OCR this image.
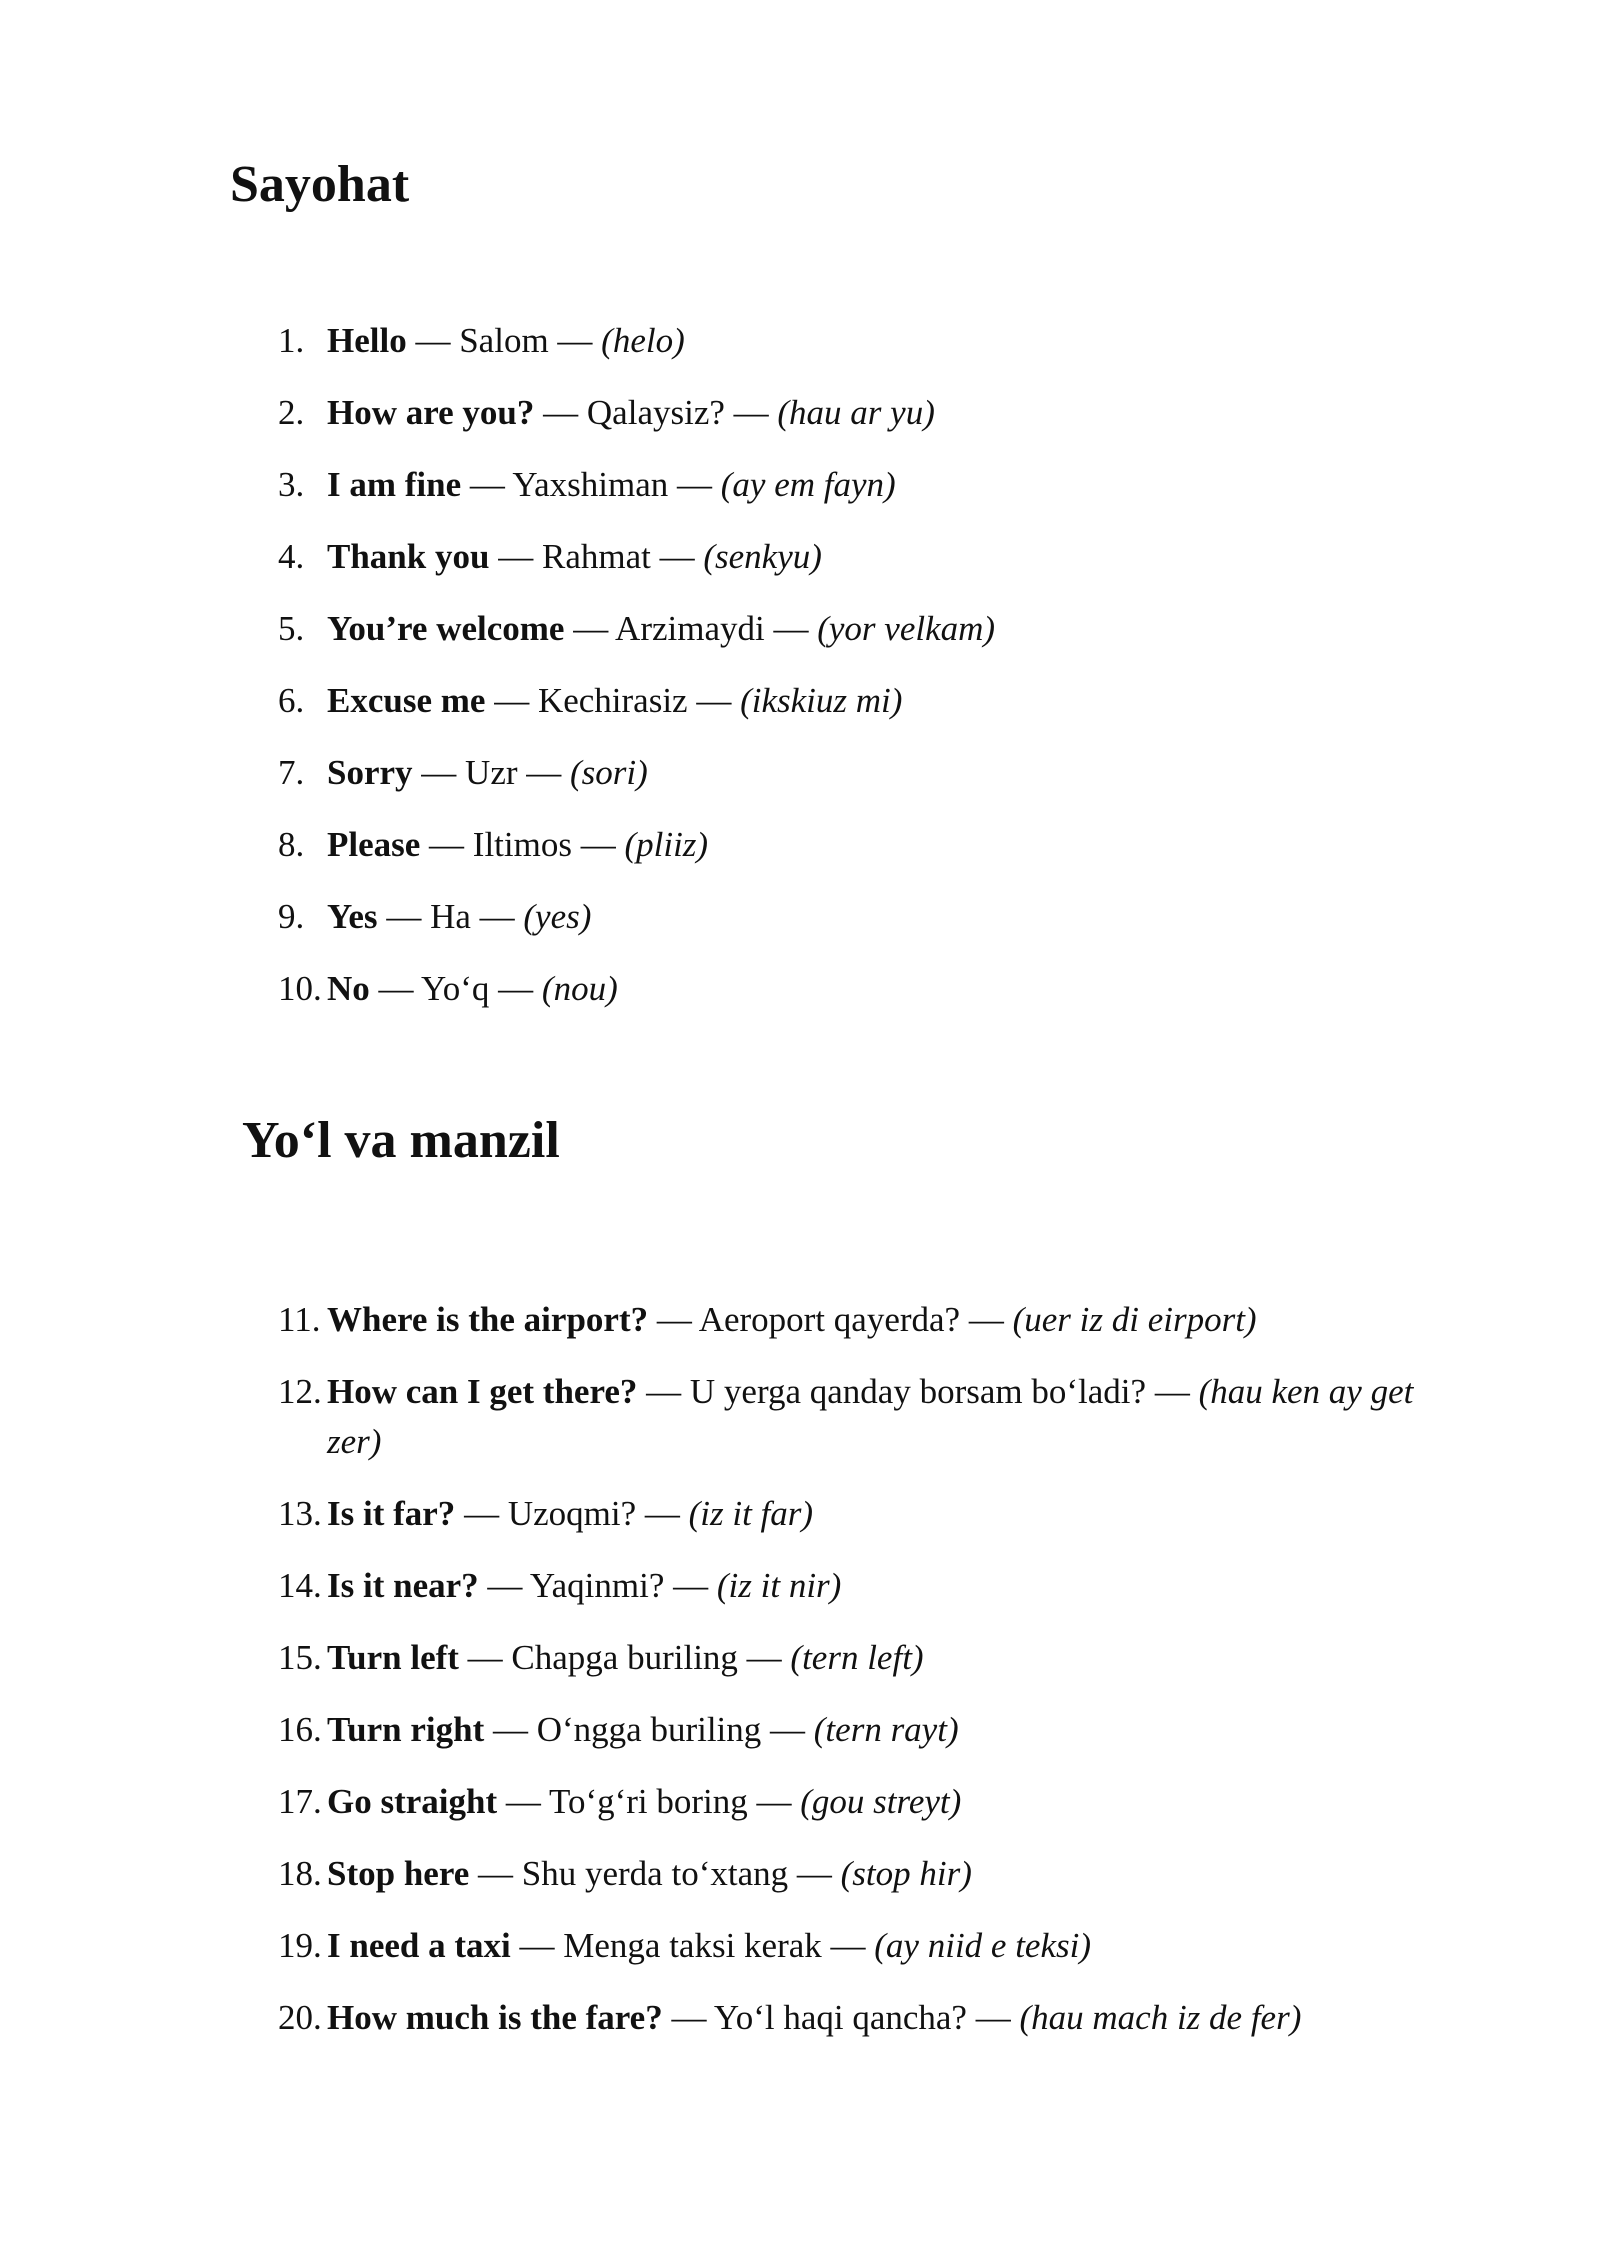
Sayohat
1. Hello — Salom — (helo)
2. How are you? — Qalaysiz? — (hau ar yu)
3. I am fine — Yaxshiman — (ay em fayn)
4. Thank you — Rahmat — (senkyu)
5. You’re welcome — Arzimaydi — (yor velkam)
6. Excuse me — Kechirasiz — (ikskiuz mi)
7. Sorry — Uzr — (sori)
8. Please — Iltimos — (pliiz)
9. Yes — Ha — (yes)
10. No — Yo‘q — (nou)
Yo‘l va manzil
11. Where is the airport? — Aeroport qayerda? — (uer iz di eirport)
12. How can I get there? — U yerga qanday borsam bo‘ladi? — (hau ken ay get zer)
13. Is it far? — Uzoqmi? — (iz it far)
14. Is it near? — Yaqinmi? — (iz it nir)
15. Turn left — Chapga buriling — (tern left)
16. Turn right — O‘ngga buriling — (tern rayt)
17. Go straight — To‘g‘ri boring — (gou streyt)
18. Stop here — Shu yerda to‘xtang — (stop hir)
19. I need a taxi — Menga taksi kerak — (ay niid e teksi)
20. How much is the fare? — Yo‘l haqi qancha? — (hau mach iz de fer)
